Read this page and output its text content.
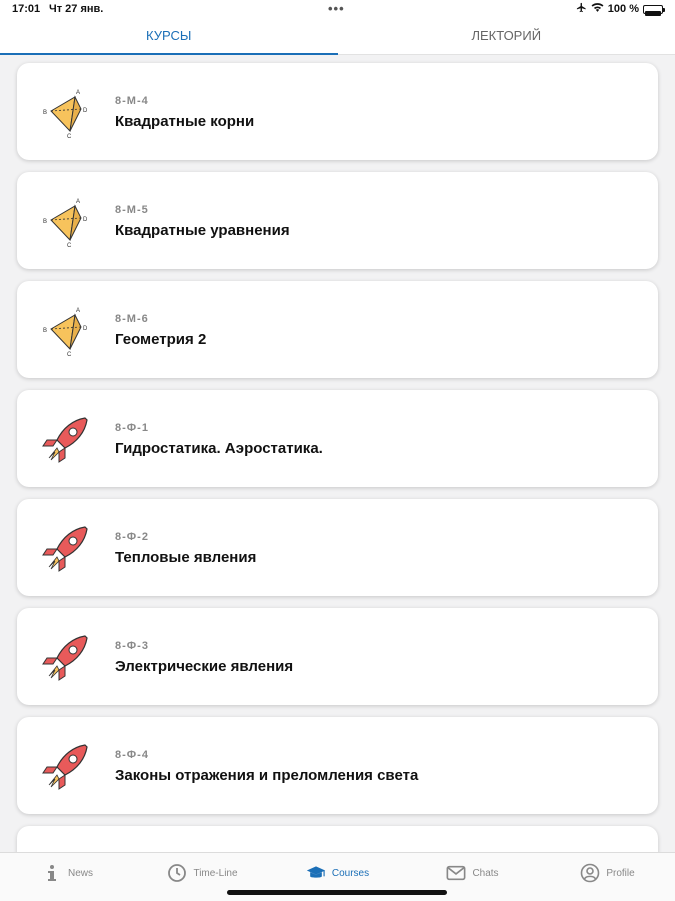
17:01 Чт 27 янв.	•••	100 %
КУРСЫ	ЛЕКТОРИЙ
A
B
C
D
8-М-4
Квадратные корни
A
B
C
D
8-М-5
Квадратные уравнения
A
B
C
D
8-М-6
Геометрия 2
8-Ф-1
Гидростатика. Аэростатика.
8-Ф-2
Тепловые явления
8-Ф-3
Электрические явления
8-Ф-4
Законы отражения и преломления света
News	Time-Line	Courses	Chats	Profile
